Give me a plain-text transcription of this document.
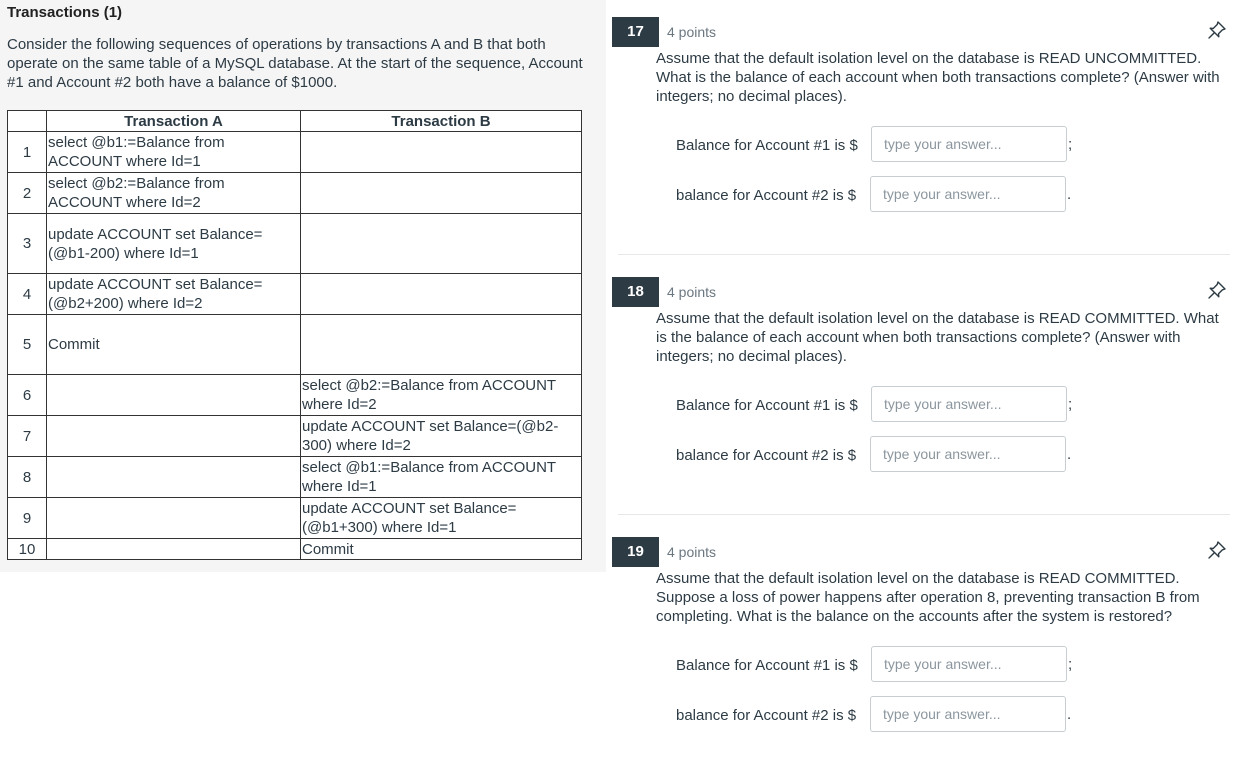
Transactions (1)
Consider the following sequences of operations by transactions A and B that both operate on the same table of a MySQL database. At the start of the sequence, Account #1 and Account #2 both have a balance of $1000.
	Transaction A	Transaction B
1	select @b1:=Balance from ACCOUNT where Id=1	
2	select @b2:=Balance from ACCOUNT where Id=2	
3	update ACCOUNT set Balance=(@b1-200) where Id=1	
4	update ACCOUNT set Balance=(@b2+200) where Id=2	
5	Commit	
6		select @b2:=Balance from ACCOUNT where Id=2
7		update ACCOUNT set Balance=(@b2-300) where Id=2
8		select @b1:=Balance from ACCOUNT where Id=1
9		update ACCOUNT set Balance=(@b1+300) where Id=1
10		Commit
17	4 points
Assume that the default isolation level on the database is READ UNCOMMITTED. What is the balance of each account when both transactions complete? (Answer with integers; no decimal places).
Balance for Account #1 is $
type your answer...	;
balance for Account #2 is $
type your answer...	.
18	4 points
Assume that the default isolation level on the database is READ COMMITTED. What is the balance of each account when both transactions complete? (Answer with integers; no decimal places).
Balance for Account #1 is $
type your answer...	;
balance for Account #2 is $
type your answer...	.
19	4 points
Assume that the default isolation level on the database is READ COMMITTED. Suppose a loss of power happens after operation 8, preventing transaction B from completing. What is the balance on the accounts after the system is restored?
Balance for Account #1 is $
type your answer...	;
balance for Account #2 is $
type your answer...	.
